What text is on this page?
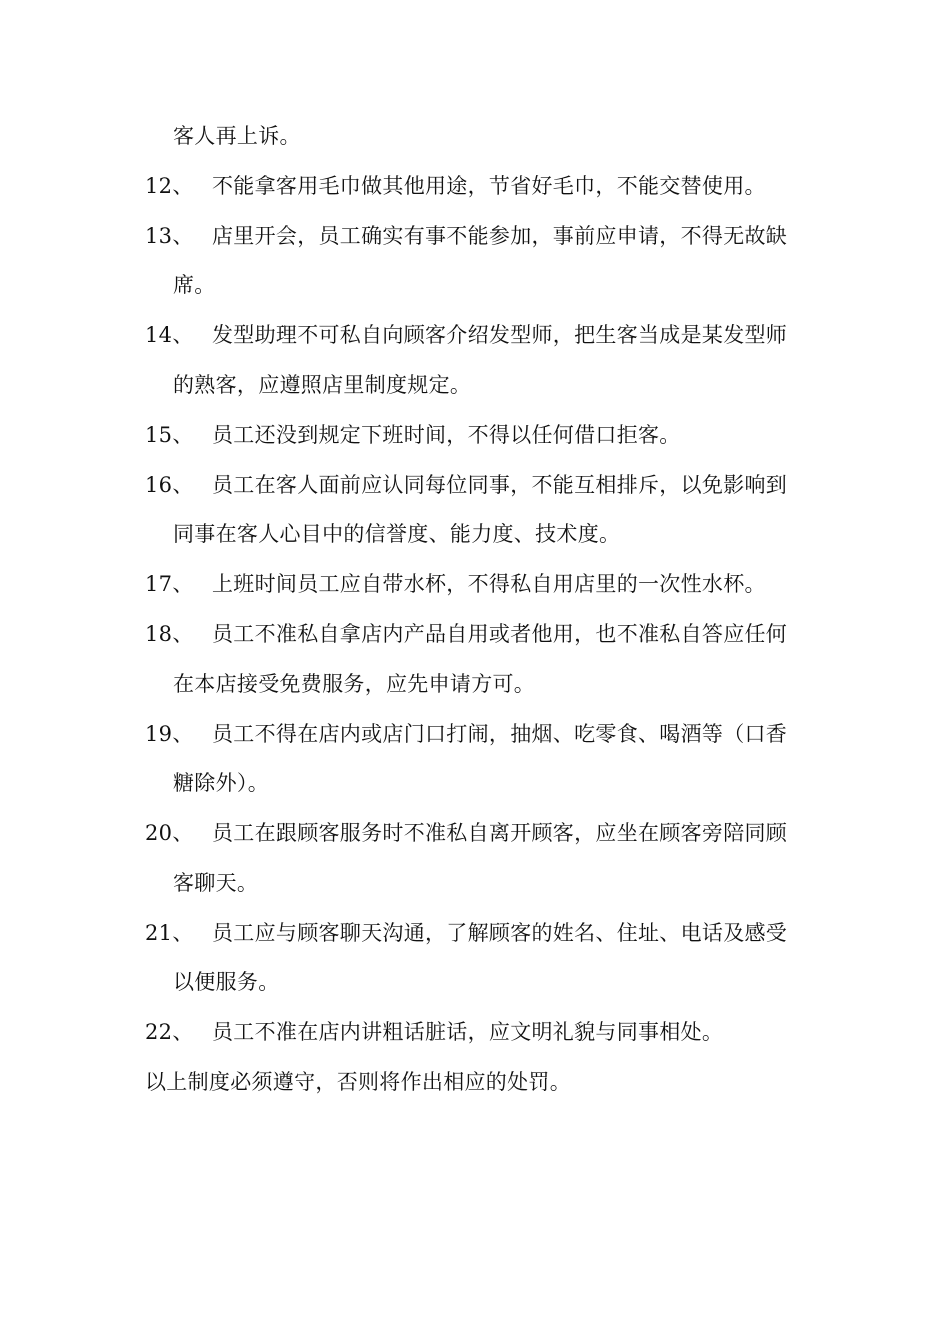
客人再上诉。
12、 不能拿客用毛巾做其他用途，节省好毛巾，不能交替使用。
13、 店里开会，员工确实有事不能参加，事前应申请，不得无故缺
席。
14、 发型助理不可私自向顾客介绍发型师，把生客当成是某发型师
的熟客，应遵照店里制度规定。
15、 员工还没到规定下班时间，不得以任何借口拒客。
16、 员工在客人面前应认同每位同事，不能互相排斥，以免影响到
同事在客人心目中的信誉度、能力度、技术度。
17、 上班时间员工应自带水杯，不得私自用店里的一次性水杯。
18、 员工不准私自拿店内产品自用或者他用，也不准私自答应任何
在本店接受免费服务，应先申请方可。
19、 员工不得在店内或店门口打闹，抽烟、吃零食、喝酒等（口香
糖除外）。
20、 员工在跟顾客服务时不准私自离开顾客，应坐在顾客旁陪同顾
客聊天。
21、 员工应与顾客聊天沟通，了解顾客的姓名、住址、电话及感受
以便服务。
22、 员工不准在店内讲粗话脏话，应文明礼貌与同事相处。
以上制度必须遵守，否则将作出相应的处罚。
